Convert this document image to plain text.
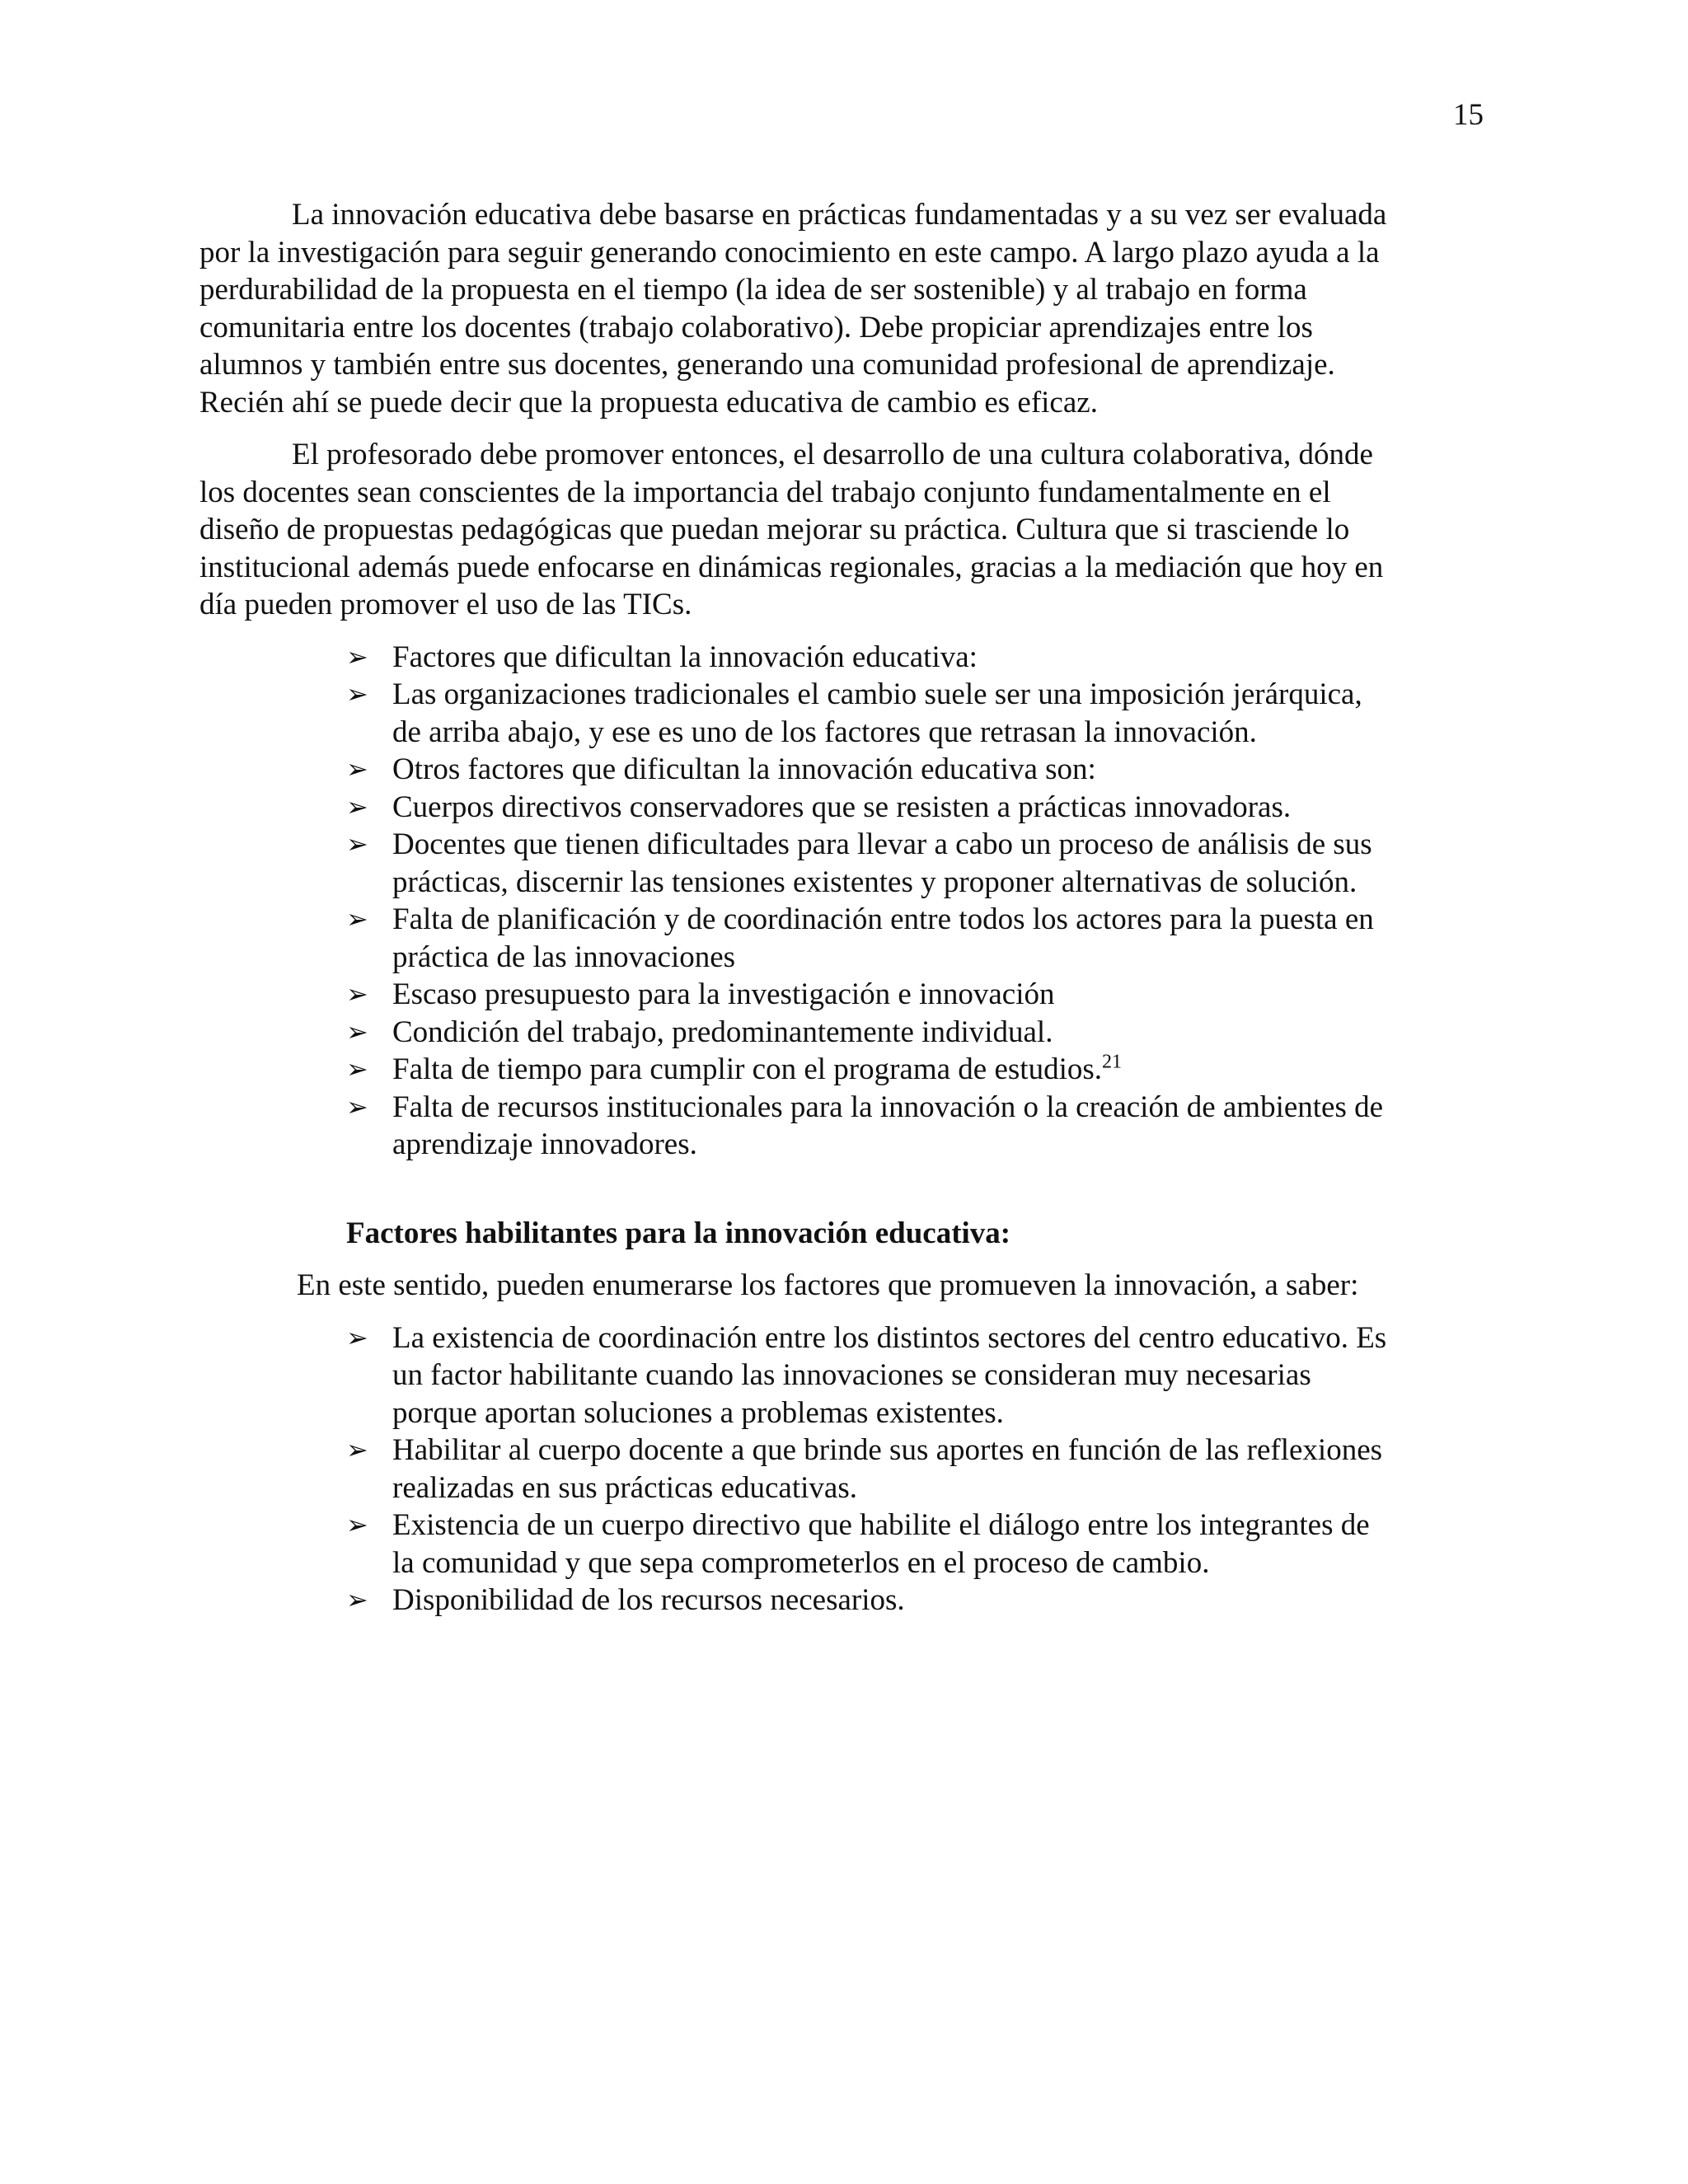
15

La innovación educativa debe basarse en prácticas fundamentadas y a su vez ser evaluada
por la investigación para seguir generando conocimiento en este campo. A largo plazo ayuda a la
perdurabilidad de la propuesta en el tiempo (la idea de ser sostenible) y al trabajo en forma
comunitaria entre los docentes (trabajo colaborativo). Debe propiciar aprendizajes entre los
alumnos y también entre sus docentes, generando una comunidad profesional de aprendizaje.
Recién ahí se puede decir que la propuesta educativa de cambio es eficaz.

El profesorado debe promover entonces, el desarrollo de una cultura colaborativa, dónde
los docentes sean conscientes de la importancia del trabajo conjunto fundamentalmente en el
diseño de propuestas pedagógicas que puedan mejorar su práctica. Cultura que si trasciende lo
institucional además puede enfocarse en dinámicas regionales, gracias a la mediación que hoy en
día pueden promover el uso de las TICs.

➢ Factores que dificultan la innovación educativa:
➢ Las organizaciones tradicionales el cambio suele ser una imposición jerárquica,
de arriba abajo, y ese es uno de los factores que retrasan la innovación.
➢ Otros factores que dificultan la innovación educativa son:
➢ Cuerpos directivos conservadores que se resisten a prácticas innovadoras.
➢ Docentes que tienen dificultades para llevar a cabo un proceso de análisis de sus
prácticas, discernir las tensiones existentes y proponer alternativas de solución.
➢ Falta de planificación y de coordinación entre todos los actores para la puesta en
práctica de las innovaciones
➢ Escaso presupuesto para la investigación e innovación
➢ Condición del trabajo, predominantemente individual.
➢ Falta de tiempo para cumplir con el programa de estudios.$^{21}$
➢ Falta de recursos institucionales para la innovación o la creación de ambientes de
aprendizaje innovadores.

Factores habilitantes para la innovación educativa:

En este sentido, pueden enumerarse los factores que promueven la innovación, a saber:

➢ La existencia de coordinación entre los distintos sectores del centro educativo. Es
un factor habilitante cuando las innovaciones se consideran muy necesarias
porque aportan soluciones a problemas existentes.
➢ Habilitar al cuerpo docente a que brinde sus aportes en función de las reflexiones
realizadas en sus prácticas educativas.
➢ Existencia de un cuerpo directivo que habilite el diálogo entre los integrantes de
la comunidad y que sepa comprometerlos en el proceso de cambio.
➢ Disponibilidad de los recursos necesarios.
